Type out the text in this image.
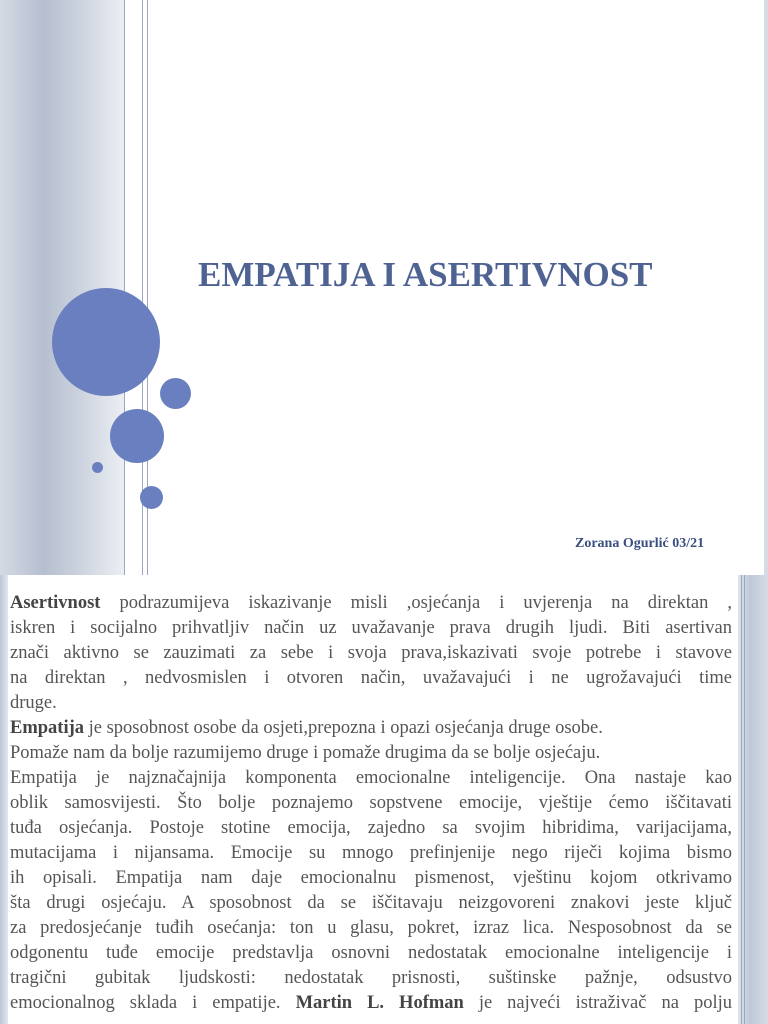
EMPATIJA I ASERTIVNOST
Zorana Ogurlić 03/21

Asertivnost podrazumijeva iskazivanje misli ,osjećanja i uvjerenja na direktan ,
iskren i socijalno prihvatljiv način uz uvažavanje prava drugih ljudi. Biti asertivan
znači aktivno se zauzimati za sebe i svoja prava,iskazivati svoje potrebe i stavove
na direktan , nedvosmislen i otvoren način, uvažavajući i ne ugrožavajući time
druge.

Empatija je sposobnost osobe da osjeti,prepozna i opazi osjećanja druge osobe.
Pomaže nam da bolje razumijemo druge i pomaže drugima da se bolje osjećaju.
Empatija je najznačajnija komponenta emocionalne inteligencije. Ona nastaje kao
oblik samosvijesti. Što bolje poznajemo sopstvene emocije, vještije ćemo iščitavati
tuđa osjećanja. Postoje stotine emocija, zajedno sa svojim hibridima, varijacijama,
mutacijama i nijansama. Emocije su mnogo prefinjenije nego riječi kojima bismo
ih opisali. Empatija nam daje emocionalnu pismenost, vještinu kojom otkrivamo
šta drugi osjećaju. A sposobnost da se iščitavaju neizgovoreni znakovi jeste ključ
za predosjećanje tuđih osećanja: ton u glasu, pokret, izraz lica. Nesposobnost da se
odgonentu tuđe emocije predstavlja osnovni nedostatak emocionalne inteligencije i
tragični gubitak ljudskosti: nedostatak prisnosti, suštinske pažnje, odsustvo
emocionalnog sklada i empatije. Martin L. Hofman je najveći istraživač na polju
